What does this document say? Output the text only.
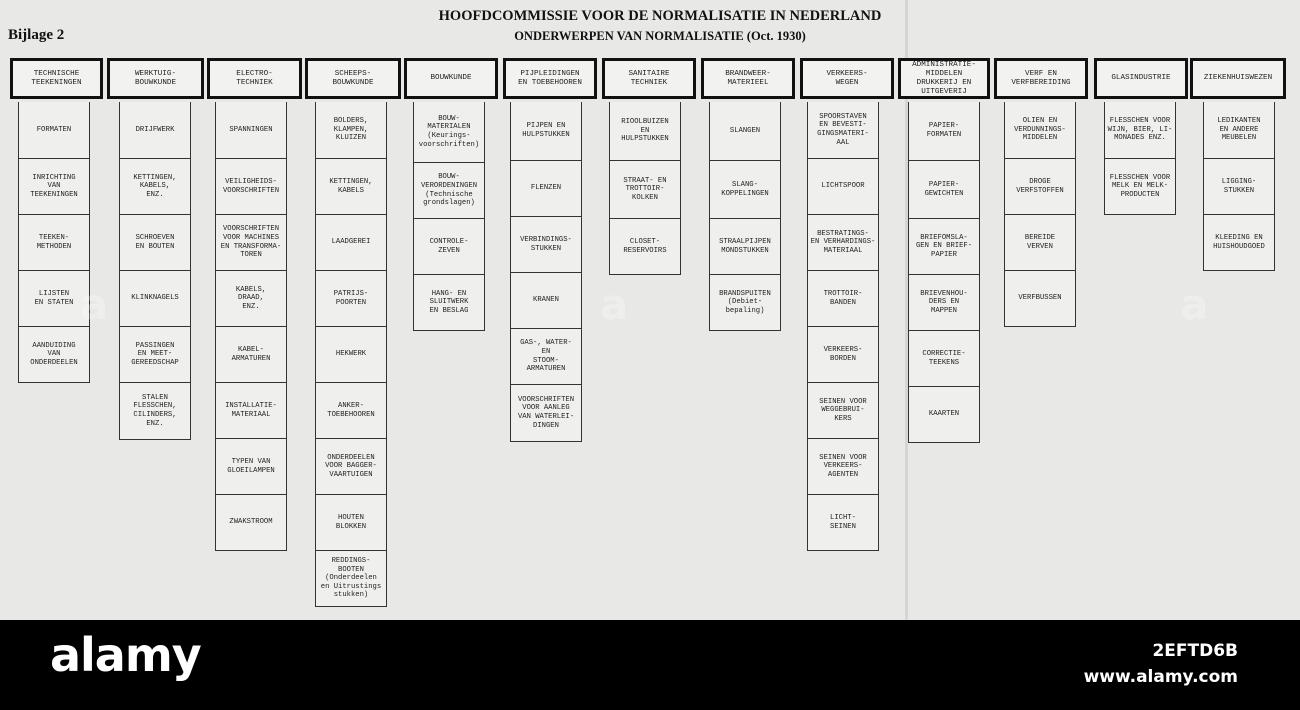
Bijlage 2
HOOFDCOMMISSIE VOOR DE NORMALISATIE IN NEDERLAND
ONDERWERPEN VAN NORMALISATIE (Oct. 1930)
TECHNISCHE
TEEKENINGEN
FORMATEN
INRICHTING
VAN
TEEKENINGEN
TEEKEN-
METHODEN
LIJSTEN
EN STATEN
AANDUIDING
VAN
ONDERDEELEN
WERKTUIG-
BOUWKUNDE
DRIJFWERK
KETTINGEN,
KABELS,
ENZ.
SCHROEVEN
EN BOUTEN
KLINKNAGELS
PASSINGEN
EN MEET-
GEREEDSCHAP
STALEN
FLESSCHEN,
CILINDERS,
ENZ.
ELECTRO-
TECHNIEK
SPANNINGEN
VEILIGHEIDS-
VOORSCHRIFTEN
VOORSCHRIFTEN
VOOR MACHINES
EN TRANSFORMA-
TOREN
KABELS,
DRAAD,
ENZ.
KABEL-
ARMATUREN
INSTALLATIE-
MATERIAAL
TYPEN VAN
GLOEILAMPEN
ZWAKSTROOM
SCHEEPS-
BOUWKUNDE
BOLDERS,
KLAMPEN,
KLUIZEN
KETTINGEN,
KABELS
LAADGEREI
PATRIJS-
POORTEN
HEKWERK
ANKER-
TOEBEHOOREN
ONDERDEELEN
VOOR BAGGER-
VAARTUIGEN
HOUTEN
BLOKKEN
REDDINGS-
BOOTEN
(Onderdeelen
en Uitrustings
stukken)
BOUWKUNDE
BOUW-
MATERIALEN
(Keurings-
voorschriften)
BOUW-
VERORDENINGEN
(Technische
grondslagen)
CONTROLE-
ZEVEN
HANG- EN
SLUITWERK
EN BESLAG
PIJPLEIDINGEN
EN TOEBEHOOREN
PIJPEN EN
HULPSTUKKEN
FLENZEN
VERBINDINGS-
STUKKEN
KRANEN
GAS-, WATER-
EN
STOOM-
ARMATUREN
VOORSCHRIFTEN
VOOR AANLEG
VAN WATERLEI-
DINGEN
SANITAIRE
TECHNIEK
RIOOLBUIZEN
EN
HULPSTUKKEN
STRAAT- EN
TROTTOIR-
KOLKEN
CLOSET-
RESERVOIRS
BRANDWEER-
MATERIEEL
SLANGEN
SLANG-
KOPPELINGEN
STRAALPIJPEN
MONDSTUKKEN
BRANDSPUITEN
(Debiet-
bepaling)
VERKEERS-
WEGEN
SPOORSTAVEN
EN BEVESTI-
GINGSMATERI-
AAL
LICHTSPOOR
BESTRATINGS-
EN VERHARDINGS-
MATERIAAL
TROTTOIR-
BANDEN
VERKEERS-
BORDEN
SEINEN VOOR
WEGGEBRUI-
KERS
SEINEN VOOR
VERKEERS-
AGENTEN
LICHT-
SEINEN
ADMINISTRATIE-
MIDDELEN
DRUKKERIJ EN
UITGEVERIJ
PAPIER-
FORMATEN
PAPIER-
GEWICHTEN
BRIEFOMSLA-
GEN EN BRIEF-
PAPIER
BRIEVENHOU-
DERS EN
MAPPEN
CORRECTIE-
TEEKENS
KAARTEN
VERF EN
VERFBEREIDING
OLIEN EN
VERDUNNINGS-
MIDDELEN
DROGE
VERFSTOFFEN
BEREIDE
VERVEN
VERFBUSSEN
GLASINDUSTRIE
FLESSCHEN VOOR
WIJN, BIER, LI-
MONADES ENZ.
FLESSCHEN VOOR
MELK EN MELK-
PRODUCTEN
ZIEKENHUISWEZEN
LEDIKANTEN
EN ANDERE
MEUBELEN
LIGGING-
STUKKEN
KLEEDING EN
HUISHOUDGOED
a	a	a
alamy	2EFTD6B
www.alamy.com
